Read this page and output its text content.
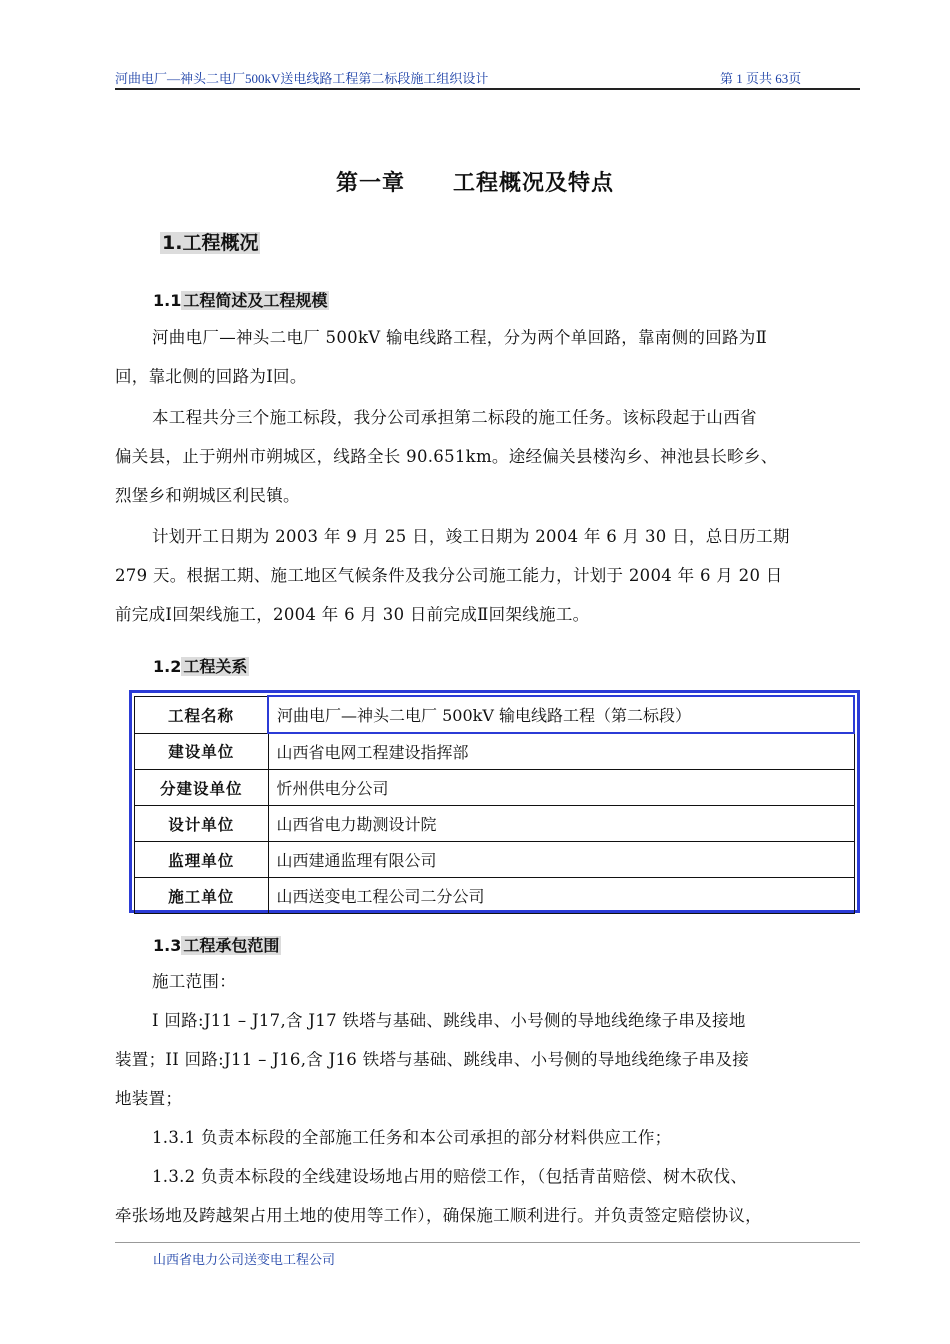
河曲电厂—神头二电厂500kV送电线路工程第二标段施工组织设计	第 1 页共 63页
第一章 工程概况及特点
1.工程概况
1.1 工程简述及工程规模
河曲电厂—神头二电厂 500kV 输电线路工程，分为两个单回路，靠南侧的回路为Ⅱ
回，靠北侧的回路为Ⅰ回。
本工程共分三个施工标段，我分公司承担第二标段的施工任务。该标段起于山西省
偏关县，止于朔州市朔城区，线路全长 90.651km。途经偏关县楼沟乡、神池县长畛乡、
烈堡乡和朔城区利民镇。
计划开工日期为 2003 年 9 月 25 日，竣工日期为 2004 年 6 月 30 日，总日历工期
279 天。根据工期、施工地区气候条件及我分公司施工能力，计划于 2004 年 6 月 20 日
前完成Ⅰ回架线施工，2004 年 6 月 30 日前完成Ⅱ回架线施工。
1.2 工程关系
工程名称	河曲电厂—神头二电厂 500kV 输电线路工程（第二标段）
建设单位	山西省电网工程建设指挥部
分建设单位	忻州供电分公司
设计单位	山西省电力勘测设计院
监理单位	山西建通监理有限公司
施工单位	山西送变电工程公司二分公司
1.3 工程承包范围
施工范围：
I 回路:J11 – J17,含 J17 铁塔与基础、跳线串、小号侧的导地线绝缘子串及接地
装置；II 回路:J11 – J16,含 J16 铁塔与基础、跳线串、小号侧的导地线绝缘子串及接
地装置；
1.3.1 负责本标段的全部施工任务和本公司承担的部分材料供应工作；
1.3.2 负责本标段的全线建设场地占用的赔偿工作，（包括青苗赔偿、树木砍伐、
牵张场地及跨越架占用土地的使用等工作），确保施工顺利进行。并负责签定赔偿协议，
山西省电力公司送变电工程公司
